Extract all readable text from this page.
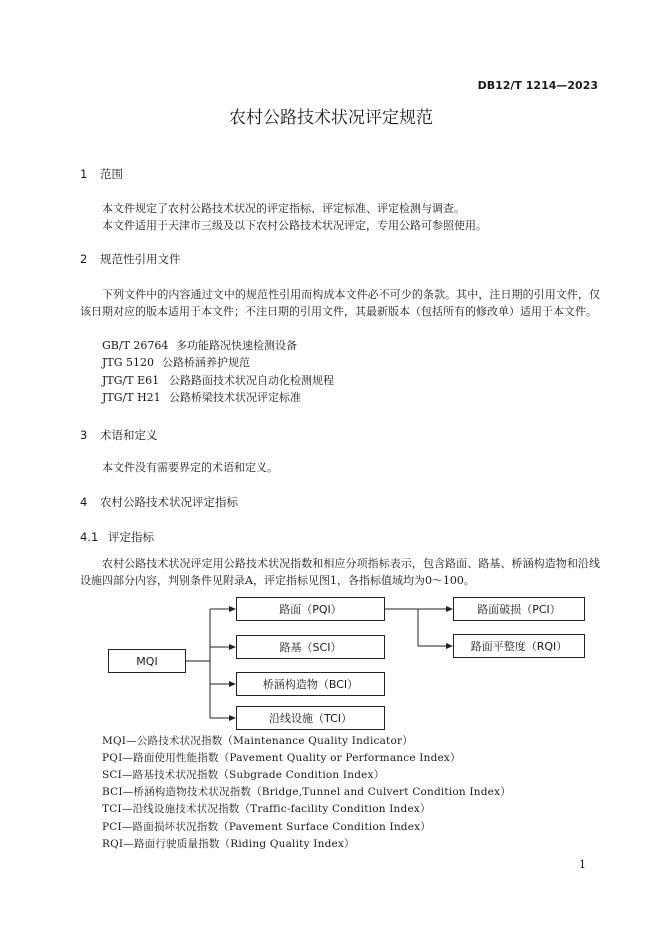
DB12/T 1214—2023
农村公路技术状况评定规范
1 范围
本文件规定了农村公路技术状况的评定指标、评定标准、评定检测与调查。
本文件适用于天津市三级及以下农村公路技术状况评定，专用公路可参照使用。
2 规范性引用文件
下列文件中的内容通过文中的规范性引用而构成本文件必不可少的条款。其中，注日期的引用文件，仅该日期对应的版本适用于本文件；不注日期的引用文件，其最新版本（包括所有的修改单）适用于本文件。
GB/T 26764 多功能路况快速检测设备
JTG 5120 公路桥涵养护规范
JTG/T E61 公路路面技术状况自动化检测规程
JTG/T H21 公路桥梁技术状况评定标准
3 术语和定义
本文件没有需要界定的术语和定义。
4 农村公路技术状况评定指标
4.1 评定指标
农村公路技术状况评定用公路技术状况指数和相应分项指标表示，包含路面、路基、桥涵构造物和沿线设施四部分内容，判别条件见附录A，评定指标见图1，各指标值域均为0～100。
MQI
路面（PQI）
路基（SCI）
桥涵构造物（BCI）
沿线设施（TCI）
路面破损（PCI）
路面平整度（RQI）
MQI—公路技术状况指数（Maintenance Quality Indicator）
PQI—路面使用性能指数（Pavement Quality or Performance Index）
SCI—路基技术状况指数（Subgrade Condition Index）
BCI—桥涵构造物技术状况指数（Bridge,Tunnel and Culvert Condition Index）
TCI—沿线设施技术状况指数（Traffic-facility Condition Index）
PCI—路面损坏状况指数（Pavement Surface Condition Index）
RQI—路面行驶质量指数（Riding Quality Index）
1
